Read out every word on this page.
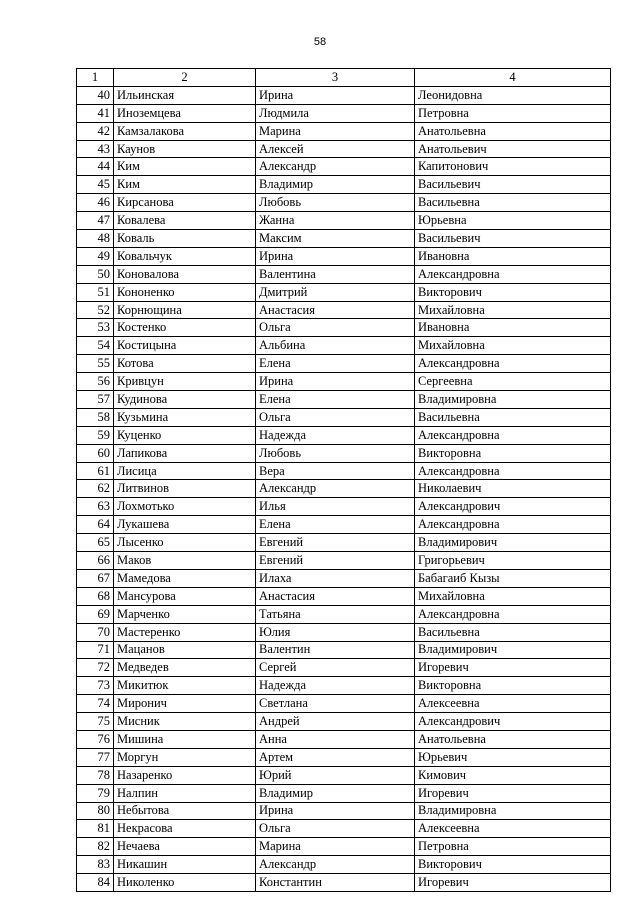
58
1	2	3	4
40	Ильинская	Ирина	Леонидовна
41	Иноземцева	Людмила	Петровна
42	Камзалакова	Марина	Анатольевна
43	Каунов	Алексей	Анатольевич
44	Ким	Александр	Капитонович
45	Ким	Владимир	Васильевич
46	Кирсанова	Любовь	Васильевна
47	Ковалева	Жанна	Юрьевна
48	Коваль	Максим	Васильевич
49	Ковальчук	Ирина	Ивановна
50	Коновалова	Валентина	Александровна
51	Кононенко	Дмитрий	Викторович
52	Корнющина	Анастасия	Михайловна
53	Костенко	Ольга	Ивановна
54	Костицына	Альбина	Михайловна
55	Котова	Елена	Александровна
56	Кривцун	Ирина	Сергеевна
57	Кудинова	Елена	Владимировна
58	Кузьмина	Ольга	Васильевна
59	Куценко	Надежда	Александровна
60	Лапикова	Любовь	Викторовна
61	Лисица	Вера	Александровна
62	Литвинов	Александр	Николаевич
63	Лохмотько	Илья	Александрович
64	Лукашева	Елена	Александровна
65	Лысенко	Евгений	Владимирович
66	Маков	Евгений	Григорьевич
67	Мамедова	Илаха	Бабагаиб Кызы
68	Мансурова	Анастасия	Михайловна
69	Марченко	Татьяна	Александровна
70	Мастеренко	Юлия	Васильевна
71	Мацанов	Валентин	Владимирович
72	Медведев	Сергей	Игоревич
73	Микитюк	Надежда	Викторовна
74	Миронич	Светлана	Алексеевна
75	Мисник	Андрей	Александрович
76	Мишина	Анна	Анатольевна
77	Моргун	Артем	Юрьевич
78	Назаренко	Юрий	Кимович
79	Налпин	Владимир	Игоревич
80	Небытова	Ирина	Владимировна
81	Некрасова	Ольга	Алексеевна
82	Нечаева	Марина	Петровна
83	Никашин	Александр	Викторович
84	Николенко	Константин	Игоревич
